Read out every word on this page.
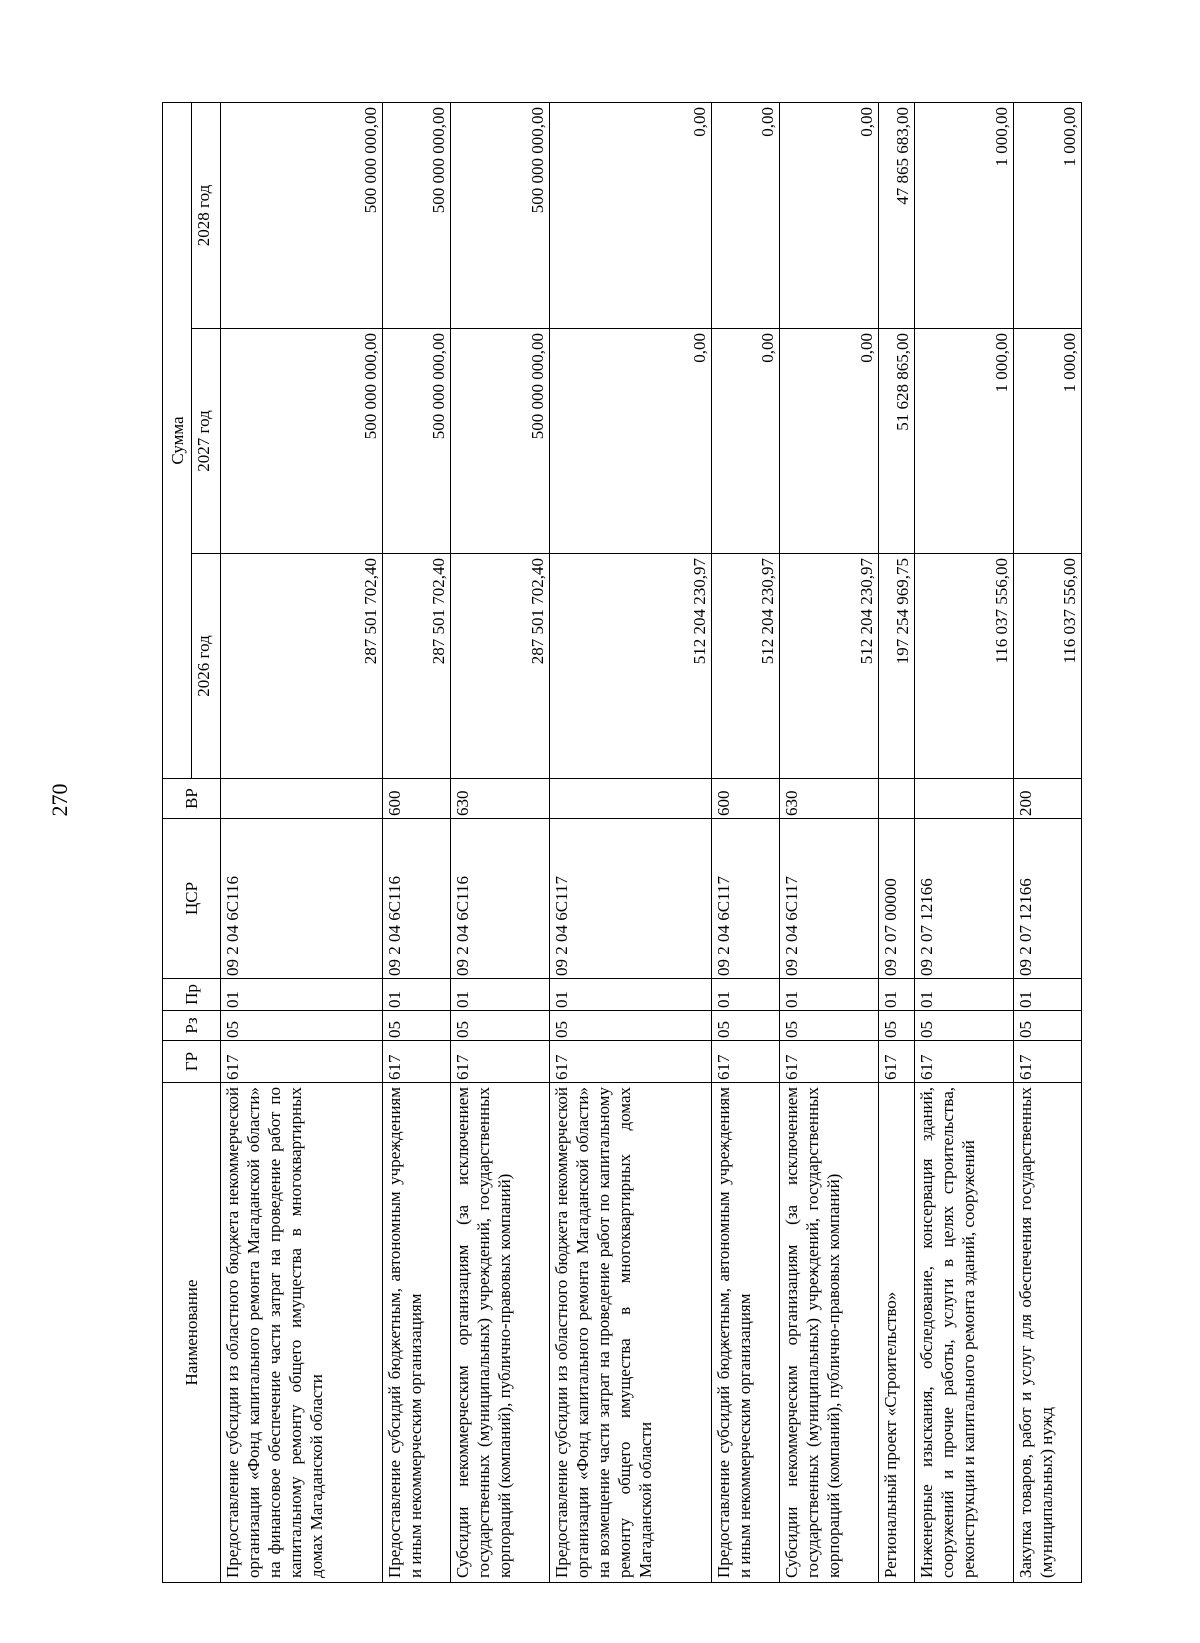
270
Наименование	ГР	Рз	Пр	ЦСР	ВР	Сумма		
						2026 год	2027 год	2028 год
Предоставление субсидии из областного бюджета некоммерческой организации «Фонд капитального ремонта Магаданской области» на финансовое обеспечение части затрат на проведение работ по капитальному ремонту общего имущества в многоквартирных домах Магаданской области	617	05	01	09 2 04 6С116		287 501 702,40	500 000 000,00	500 000 000,00
Предоставление субсидий бюджетным, автономным учреждениям и иным некоммерческим организациям	617	05	01	09 2 04 6С116	600	287 501 702,40	500 000 000,00	500 000 000,00
Субсидии некоммерческим организациям (за исключением государственных (муниципальных) учреждений, государственных корпораций (компаний), публично-правовых компаний)	617	05	01	09 2 04 6С116	630	287 501 702,40	500 000 000,00	500 000 000,00
Предоставление субсидии из областного бюджета некоммерческой организации «Фонд капитального ремонта Магаданской области» на возмещение части затрат на проведение работ по капитальному ремонту общего имущества в многоквартирных домах Магаданской области	617	05	01	09 2 04 6С117		512 204 230,97	0,00	0,00
Предоставление субсидий бюджетным, автономным учреждениям и иным некоммерческим организациям	617	05	01	09 2 04 6С117	600	512 204 230,97	0,00	0,00
Субсидии некоммерческим организациям (за исключением государственных (муниципальных) учреждений, государственных корпораций (компаний), публично-правовых компаний)	617	05	01	09 2 04 6С117	630	512 204 230,97	0,00	0,00
Региональный проект «Строительство»	617	05	01	09 2 07 00000		197 254 969,75	51 628 865,00	47 865 683,00
Инженерные изыскания, обследование, консервация зданий, сооружений и прочие работы, услуги в целях строительства, реконструкции и капитального ремонта зданий, сооружений	617	05	01	09 2 07 12166		116 037 556,00	1 000,00	1 000,00
Закупка товаров, работ и услуг для обеспечения государственных (муниципальных) нужд	617	05	01	09 2 07 12166	200	116 037 556,00	1 000,00	1 000,00
